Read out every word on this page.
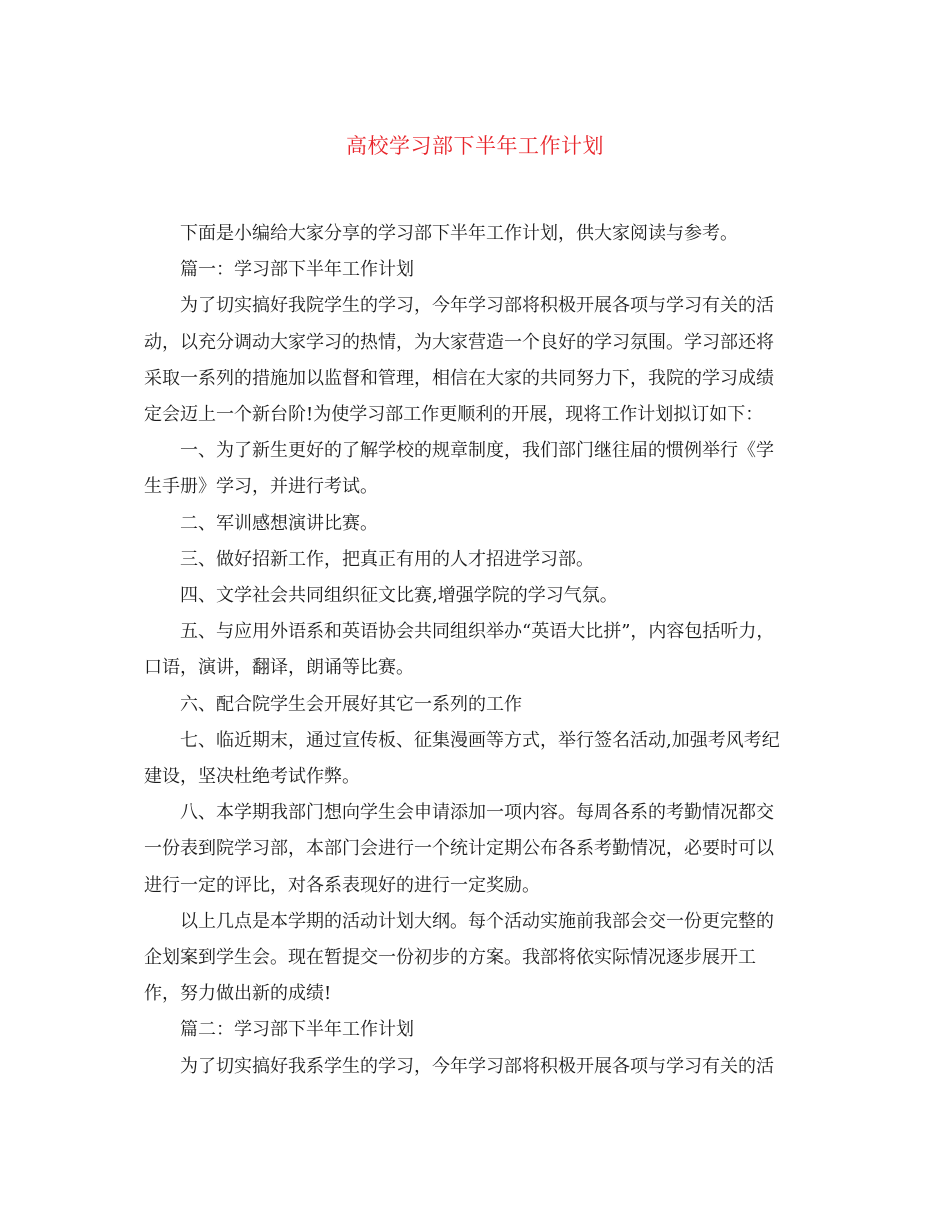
高校学习部下半年工作计划
下面是小编给大家分享的学习部下半年工作计划，供大家阅读与参考。
篇一：学习部下半年工作计划
为了切实搞好我院学生的学习，今年学习部将积极开展各项与学习有关的活
动，以充分调动大家学习的热情，为大家营造一个良好的学习氛围。学习部还将
采取一系列的措施加以监督和管理，相信在大家的共同努力下，我院的学习成绩
定会迈上一个新台阶!为使学习部工作更顺利的开展，现将工作计划拟订如下：
一、为了新生更好的了解学校的规章制度，我们部门继往届的惯例举行《学
生手册》学习，并进行考试。
二、军训感想演讲比赛。
三、做好招新工作，把真正有用的人才招进学习部。
四、文学社会共同组织征文比赛,增强学院的学习气氛。
五、与应用外语系和英语协会共同组织举办“英语大比拼”，内容包括听力，
口语，演讲，翻译，朗诵等比赛。
六、配合院学生会开展好其它一系列的工作
七、临近期末，通过宣传板、征集漫画等方式，举行签名活动,加强考风考纪
建设，坚决杜绝考试作弊。
八、本学期我部门想向学生会申请添加一项内容。每周各系的考勤情况都交
一份表到院学习部，本部门会进行一个统计定期公布各系考勤情况，必要时可以
进行一定的评比，对各系表现好的进行一定奖励。
以上几点是本学期的活动计划大纲。每个活动实施前我部会交一份更完整的
企划案到学生会。现在暂提交一份初步的方案。我部将依实际情况逐步展开工
作，努力做出新的成绩!
篇二：学习部下半年工作计划
为了切实搞好我系学生的学习，今年学习部将积极开展各项与学习有关的活
